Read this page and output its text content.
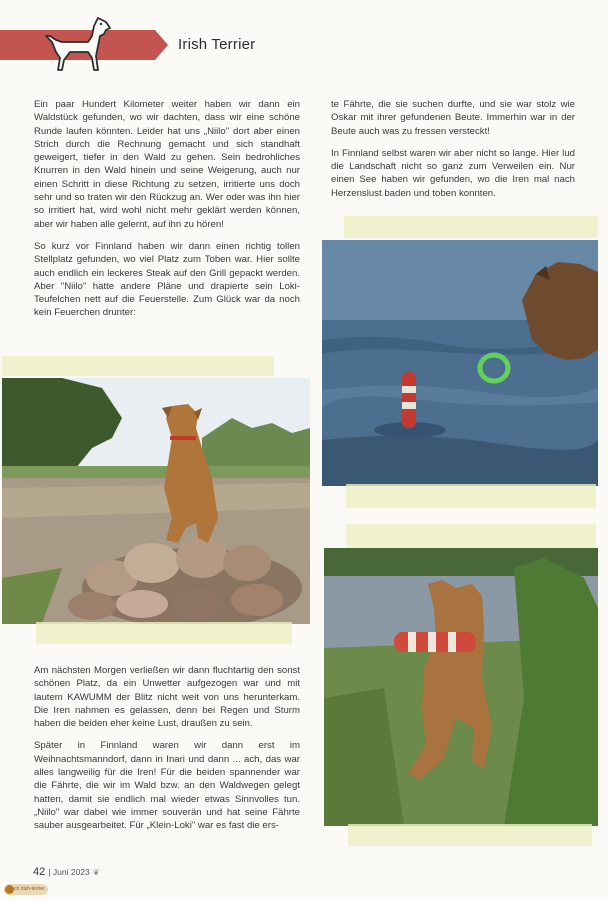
Irish Terrier

Ein paar Hundert Kilometer weiter haben wir dann ein Waldstück gefunden, wo wir dachten, dass wir eine schöne Runde laufen könnten. Leider hat uns „Niilo" dort aber einen Strich durch die Rechnung gemacht und sich standhaft geweigert, tiefer in den Wald zu gehen. Sein bedrohliches Knurren in den Wald hinein und seine Weigerung, auch nur einen Schritt in diese Richtung zu setzen, irritierte uns doch sehr und so traten wir den Rückzug an. Wer oder was ihn hier so irritiert hat, wird wohl nicht mehr geklärt werden können, aber wir haben alle gelernt, auf ihn zu hören!

So kurz vor Finnland haben wir dann einen richtig tollen Stellplatz gefunden, wo viel Platz zum Toben war. Hier sollte auch endlich ein leckeres Steak auf den Grill gepackt werden. Aber "Niilo" hatte andere Pläne und drapierte sein Loki-Teufelchen nett auf die Feuerstelle. Zum Glück war da noch kein Feuerchen drunter:

Am nächsten Morgen verließen wir dann fluchtartig den sonst schönen Platz, da ein Unwetter aufgezogen war und mit lautem KAWUMM der Blitz nicht weit von uns herunterkam. Die Iren nahmen es gelassen, denn bei Regen und Sturm haben die beiden eher keine Lust, draußen zu sein.

Später in Finnland waren wir dann erst im Weihnachtsmanndorf, dann in Inari und dann ... ach, das war alles langweilig für die Iren! Für die beiden spannender war die Fährte, die wir im Wald bzw. an den Waldwegen gelegt hatten, damit sie endlich mal wieder etwas Sinnvolles tun. „Niilo" war dabei wie immer souverän und hat seine Fährte sauber ausgearbeitet. Für „Klein-Loki" war es fast die ers-

te Fährte, die sie suchen durfte, und sie war stolz wie Oskar mit ihrer gefundenen Beute. Immerhin war in der Beute auch was zu fressen versteckt!

In Finnland selbst waren wir aber nicht so lange. Hier lud die Landschaft nicht so ganz zum Verweilen ein. Nur einen See haben wir gefunden, wo die Iren mal nach Herzenslust baden und toben konnten.

42 | Juni 2023 ❦
ch.irish-terrier
